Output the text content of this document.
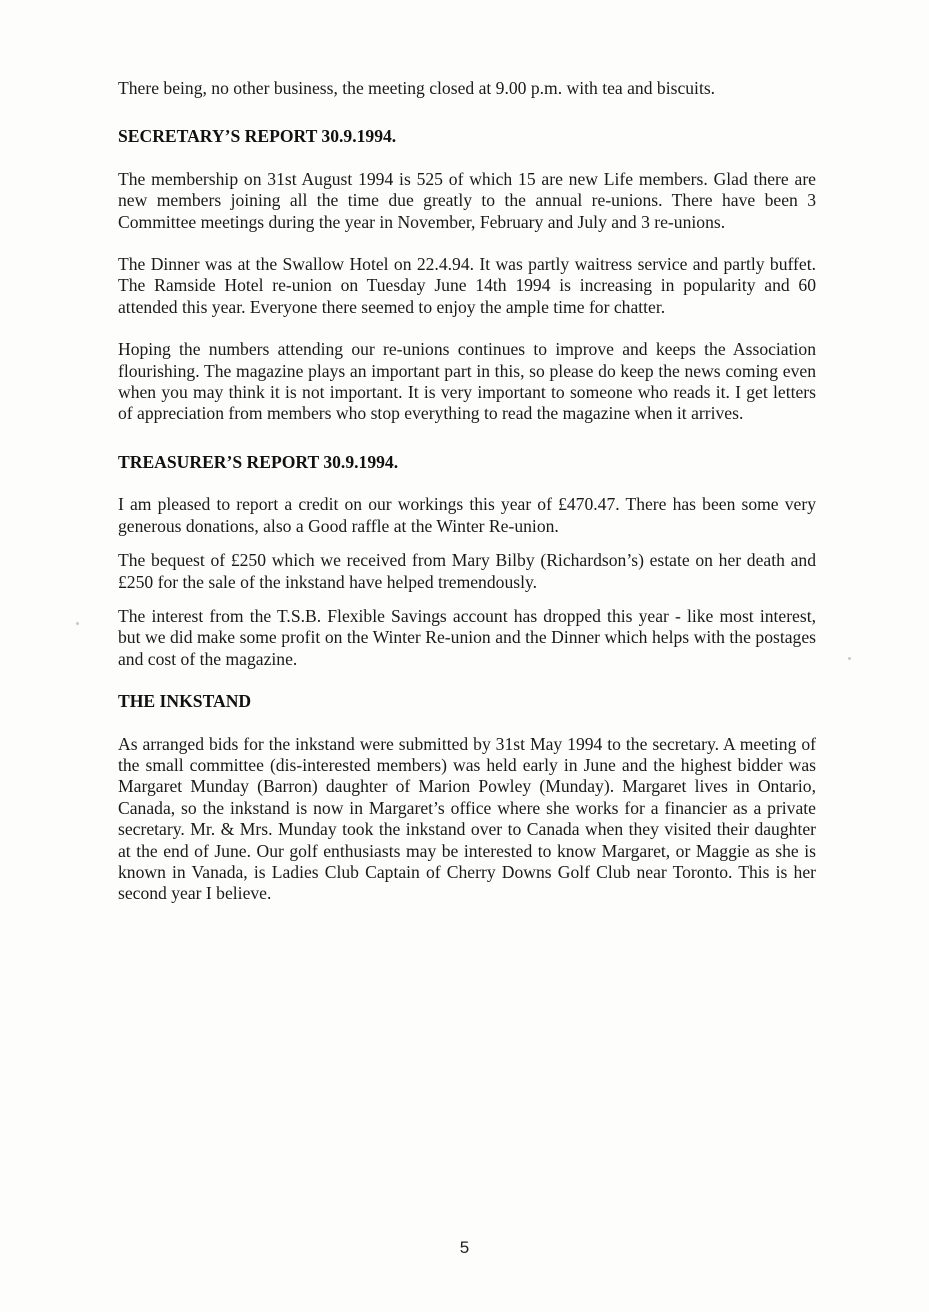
There being, no other business, the meeting closed at 9.00 p.m. with tea and biscuits.

SECRETARY’S REPORT 30.9.1994.

The membership on 31st August 1994 is 525 of which 15 are new Life members. Glad there are new members joining all the time due greatly to the annual re-unions. There have been 3 Committee meetings during the year in November, February and July and 3 re-unions.

The Dinner was at the Swallow Hotel on 22.4.94. It was partly waitress service and partly buffet. The Ramside Hotel re-union on Tuesday June 14th 1994 is increasing in popularity and 60 attended this year. Everyone there seemed to enjoy the ample time for chatter.

Hoping the numbers attending our re-unions continues to improve and keeps the Association flourishing. The magazine plays an important part in this, so please do keep the news coming even when you may think it is not important. It is very important to someone who reads it. I get letters of appreciation from members who stop everything to read the magazine when it arrives.

TREASURER’S REPORT 30.9.1994.

I am pleased to report a credit on our workings this year of £470.47. There has been some very generous donations, also a Good raffle at the Winter Re-union.

The bequest of £250 which we received from Mary Bilby (Richardson’s) estate on her death and £250 for the sale of the inkstand have helped tremendously.

The interest from the T.S.B. Flexible Savings account has dropped this year - like most interest, but we did make some profit on the Winter Re-union and the Dinner which helps with the postages and cost of the magazine.

THE INKSTAND

As arranged bids for the inkstand were submitted by 31st May 1994 to the secretary. A meeting of the small committee (dis-interested members) was held early in June and the highest bidder was Margaret Munday (Barron) daughter of Marion Powley (Munday). Margaret lives in Ontario, Canada, so the inkstand is now in Margaret’s office where she works for a financier as a private secretary. Mr. & Mrs. Munday took the inkstand over to Canada when they visited their daughter at the end of June. Our golf enthusiasts may be interested to know Margaret, or Maggie as she is known in Vanada, is Ladies Club Captain of Cherry Downs Golf Club near Toronto. This is her second year I believe.

5
